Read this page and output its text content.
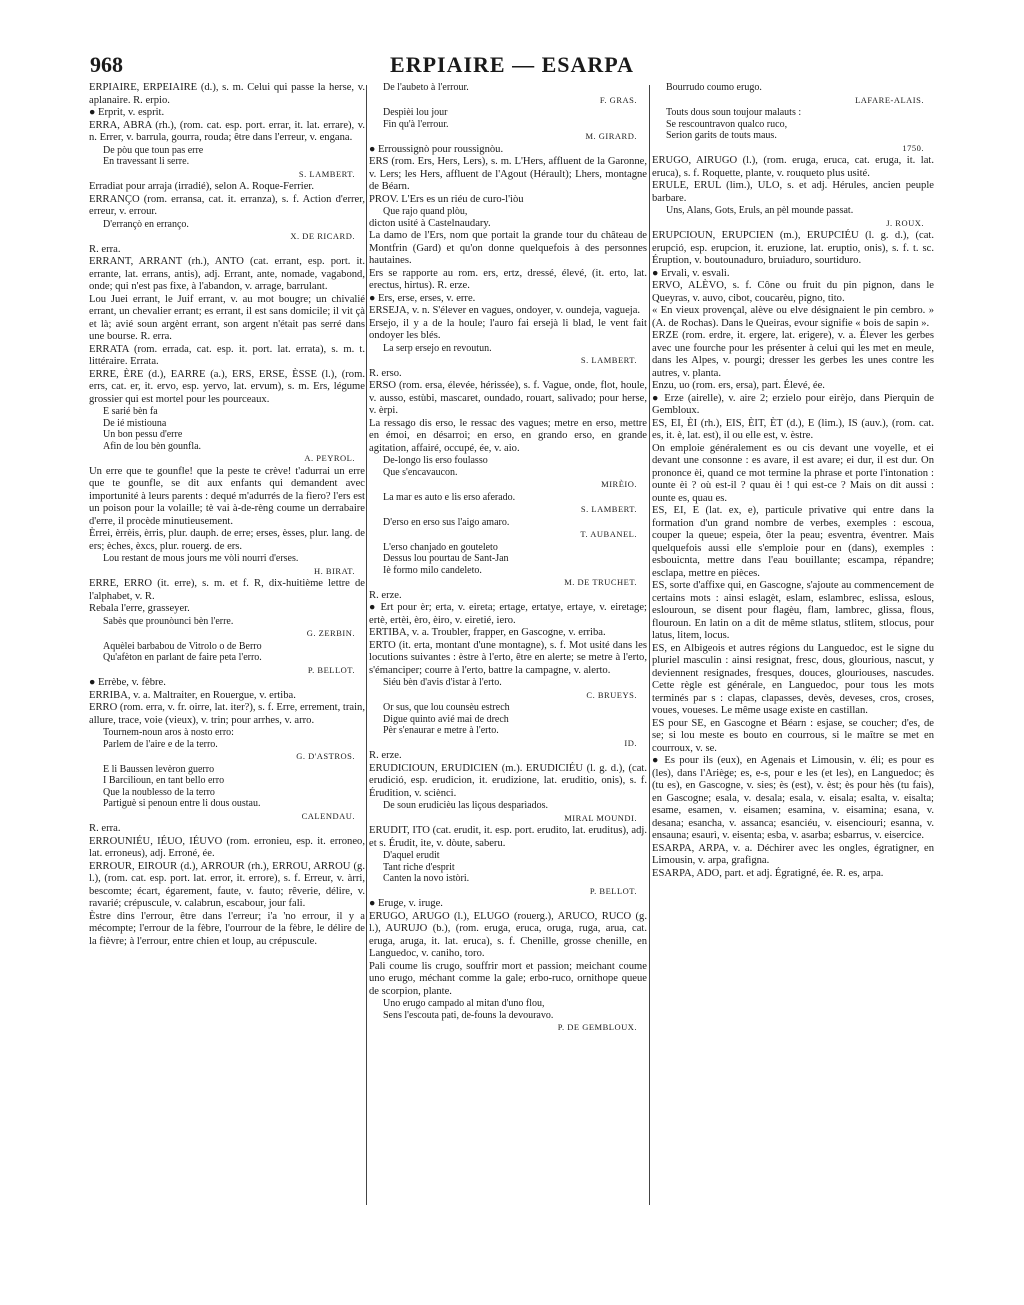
968	ERPIAIRE — ESARPA

ERPIAIRE, ERPEIAIRE (d.), s. m. Celui qui passe la herse, v. aplanaire. R. erpio.

● Erprit, v. esprit.

ERRA, ABRA (rh.), (rom. cat. esp. port. errar, it. lat. errare), v. n. Errer, v. barrula, gourra, rouda; être dans l'erreur, v. engana.

De pòu que toun pas erre

En travessant li serre.

S. LAMBERT.

Erradiat pour arraja (irradié), selon A. Roque-Ferrier.

ERRANÇO (rom. erransa, cat. it. erranza), s. f. Action d'errer, erreur, v. errour.

D'errançò en erranço.

X. DE RICARD.

R. erra.

ERRANT, ARRANT (rh.), ANTO (cat. errant, esp. port. it. errante, lat. errans, antis), adj. Errant, ante, nomade, vagabond, onde; qui n'est pas fixe, à l'abandon, v. arrage, barrulant.

Lou Juei errant, le Juif errant, v. au mot bougre; un chivalié errant, un chevalier errant; es errant, il est sans domicile; il vit çà et là; avié soun argènt errant, son argent n'était pas serré dans une bourse. R. erra.

ERRATA (rom. errada, cat. esp. it. port. lat. errata), s. m. t. littéraire. Errata.

ERRE, ÈRE (d.), EARRE (a.), ERS, ERSE, ÈSSE (l.), (rom. errs, cat. er, it. ervo, esp. yervo, lat. ervum), s. m. Ers, légume grossier qui est mortel pour les pourceaux.

E sarié bèn fa

De ié mistiouna

Un bon pessu d'erre

Afin de lou bèn gounfla.

A. PEYROL.

Un erre que te gounfle! que la peste te crève! t'adurrai un erre que te gounfle, se dit aux enfants qui demandent avec importunité à leurs parents : dequé m'adurrés de la fiero? l'ers est un poison pour la volaille; tè vai à-de-rèng coume un derrabaire d'erre, il procède minutieusement.

Èrrei, èrrèis, èrris, plur. dauph. de erre; erses, èsses, plur. lang. de ers; èches, èxcs, plur. rouerg. de ers.

Lou restant de mous jours me vòli nourri d'erses.

H. BIRAT.

ERRE, ERRO (it. erre), s. m. et f. R, dix-huitième lettre de l'alphabet, v. R.

Rebala l'erre, grasseyer.

Sabès que prounòunci bèn l'erre.

G. ZERBIN.

Aquèlei barbabou de Vitrolo o de Berro

Qu'afèton en parlant de faire peta l'erro.

P. BELLOT.

● Errèbe, v. fèbre.

ERRIBA, v. a. Maltraiter, en Rouergue, v. ertiba.

ERRO (rom. erra, v. fr. oirre, lat. iter?), s. f. Erre, errement, train, allure, trace, voie (vieux), v. trin; pour arrhes, v. arro.

Tournem-noun aros à nosto erro:

Parlem de l'aire e de la terro.

G. D'ASTROS.

E li Baussen levèron guerro

I Barcilioun, en tant bello erro

Que la noublesso de la terro

Partiguè si penoun entre li dous oustau.

CALENDAU.

R. erra.

ERROUNIÉU, IÉUO, IÉUVO (rom. erronieu, esp. it. erroneo, lat. erroneus), adj. Erroné, ée.

ERROUR, EIROUR (d.), ARROUR (rh.), ERROU, ARROU (g. l.), (rom. cat. esp. port. lat. error, it. errore), s. f. Erreur, v. àrri, bescomte; écart, égarement, faute, v. fauto; rêverie, délire, v. ravarié; crépuscule, v. calabrun, escabour, jour fali.

Èstre dins l'errour, être dans l'erreur; i'a 'no errour, il y a mécompte; l'errour de la fèbre, l'ourrour de la fèbre, le délire de la fièvre; à l'errour, entre chien et loup, au crépuscule.

De l'aubeto à l'errour.

F. GRAS.

Despièi lou jour

Fin qu'à l'errour.

M. GIRARD.

● Erroussignò pour roussignòu.

ERS (rom. Ers, Hers, Lers), s. m. L'Hers, affluent de la Garonne, v. Lers; les Hers, affluent de l'Agout (Hérault); Lhers, montagne de Béarn.

PROV. L'Ers es un riéu de curo-l'iòu

Que rajo quand plòu,

dicton usité à Castelnaudary.

La damo de l'Ers, nom que portait la grande tour du château de Montfrin (Gard) et qu'on donne quelquefois à des personnes hautaines.

Ers se rapporte au rom. ers, ertz, dressé, élevé, (it. erto, lat. erectus, hirtus). R. erze.

● Ers, erse, erses, v. erre.

ERSEJA, v. n. S'élever en vagues, ondoyer, v. oundeja, vagueja.

Ersejo, il y a de la houle; l'auro fai ersejà li blad, le vent fait ondoyer les blés.

La serp ersejo en revoutun.

S. LAMBERT.

R. erso.

ERSO (rom. ersa, élevée, hérissée), s. f. Vague, onde, flot, houle, v. ausso, estùbi, mascaret, oundado, rouart, salivado; pour herse, v. èrpi.

La ressago dis erso, le ressac des vagues; metre en erso, mettre en émoi, en désarroi; en erso, en grando erso, en grande agitation, affairé, occupé, ée, v. aio.

De-longo lis erso foulasso

Que s'encavaucon.

MIRÈIO.

La mar es auto e lis erso aferado.

S. LAMBERT.

D'erso en erso sus l'aigo amaro.

T. AUBANEL.

L'erso chanjado en gouteleto

Dessus lou pourtau de Sant-Jan

Iè formo milo candeleto.

M. DE TRUCHET.

R. erze.

● Ert pour èr; erta, v. eireta; ertage, ertatye, ertaye, v. eiretage; ertè, ertèi, èro, èiro, v. eiretié, iero.

ERTIBA, v. a. Troubler, frapper, en Gascogne, v. erriba.

ERTO (it. erta, montant d'une montagne), s. f. Mot usité dans les locutions suivantes : èstre à l'erto, être en alerte; se metre à l'erto, s'émanciper; courre à l'erto, battre la campagne, v. alerto.

Siéu bèn d'avis d'istar à l'erto.

C. BRUEYS.

Or sus, que lou counsèu estrech

Digue quinto avié mai de drech

Pèr s'enaurar e metre à l'erto.

ID.

R. erze.

ERUDICIOUN, ERUDICIEN (m.). ERUDICIÉU (l. g. d.), (cat. erudició, esp. erudicion, it. erudizione, lat. eruditio, onis), s. f. Érudition, v. sciènci.

De soun erudicièu las liçous desparìados.

MIRAL MOUNDI.

ERUDIT, ITO (cat. erudit, it. esp. port. erudito, lat. eruditus), adj. et s. Érudit, ite, v. dòute, saberu.

D'aquel erudit

Tant riche d'esprit

Canten la novo istòri.

P. BELLOT.

● Eruge, v. iruge.

ERUGO, ARUGO (l.), ELUGO (rouerg.), ARUCO, RUCO (g. l.), AURUJO (b.), (rom. eruga, eruca, oruga, ruga, arua, cat. eruga, aruga, it. lat. eruca), s. f. Chenille, grosse chenille, en Languedoc, v. caniho, toro.

Pali coume lis crugo, souffrir mort et passion; meichant coume uno erugo, méchant comme la gale; erbo-ruco, ornithope queue de scorpion, plante.

Uno erugo campado al mitan d'uno flou,

Sens l'escouta pati, de-founs la devouravo.

P. DE GEMBLOUX.

Bourrudo coumo erugo.

LAFARE-ALAIS.

Touts dous soun toujour malauts :

Se rescountravon qualco ruco,

Serion garits de touts maus.

1750.

ERUGO, AIRUGO (l.), (rom. eruga, eruca, cat. eruga, it. lat. eruca), s. f. Roquette, plante, v. rouqueto plus usité.

ERULE, ERUL (lim.), ULO, s. et adj. Hérules, ancien peuple barbare.

Uns, Alans, Gots, Eruls, an pèl mounde passat.

J. ROUX.

ERUPCIOUN, ERUPCIEN (m.), ERUPCIÉU (l. g. d.), (cat. erupció, esp. erupcion, it. eruzione, lat. eruptio, onis), s. f. t. sc. Éruption, v. boutounaduro, bruiaduro, sourtiduro.

● Ervali, v. esvali.

ERVO, ALÈVO, s. f. Cône ou fruit du pin pignon, dans le Queyras, v. auvo, cibot, coucarèu, pigno, tito.

« En vieux provençal, alève ou elve désignaient le pin cembro. » (A. de Rochas). Dans le Queiras, evour signifie « bois de sapin ».

ERZE (rom. erdre, it. ergere, lat. erigere), v. a. Élever les gerbes avec une fourche pour les présenter à celui qui les met en meule, dans les Alpes, v. pourgi; dresser les gerbes les unes contre les autres, v. planta.

Enzu, uo (rom. ers, ersa), part. Élevé, ée.

● Erze (airelle), v. aire 2; erzielo pour eirèjo, dans Pierquin de Gembloux.

ES, EI, ÈI (rh.), EIS, ÈIT, ÈT (d.), E (lim.), IS (auv.), (rom. cat. es, it. è, lat. est), il ou elle est, v. èstre.

On emploie généralement es ou cis devant une voyelle, et ei devant une consonne : es avare, il est avare; ei dur, il est dur. On prononce èi, quand ce mot termine la phrase et porte l'intonation : ounte èi ? où est-il ? quau èi ! qui est-ce ? Mais on dit aussi : ounte es, quau es.

ES, EI, E (lat. ex, e), particule privative qui entre dans la formation d'un grand nombre de verbes, exemples : escoua, couper la queue; espeia, ôter la peau; esventra, éventrer. Mais quelquefois aussi elle s'emploie pour en (dans), exemples : esbouicnta, mettre dans l'eau bouillante; escampa, répandre; esclapa, mettre en pièces.

ES, sorte d'affixe qui, en Gascogne, s'ajoute au commencement de certains mots : ainsi eslagèt, eslam, eslambrec, eslissa, eslous, eslouroun, se disent pour flagèu, flam, lambrec, glissa, flous, flouroun. En latin on a dit de même stlatus, stlitem, stlocus, pour latus, litem, locus.

ES, en Albigeois et autres régions du Languedoc, est le signe du pluriel masculin : ainsi resignat, fresc, dous, glourious, nascut, y deviennent resignades, fresques, douces, glouriouses, nascudes. Cette règle est générale, en Languedoc, pour tous les mots terminés par s : clapas, clapasses, devès, deveses, cros, croses, voues, voueses. Le même usage existe en castillan.

ES pour SE, en Gascogne et Béarn : esjase, se coucher; d'es, de se; si lou meste es bouto en courrous, si le maître se met en courroux, v. se.

● Es pour ils (eux), en Agenais et Limousin, v. éli; es pour es (les), dans l'Ariège; es, e-s, pour e les (et les), en Languedoc; ès (tu es), en Gascogne, v. sies; ès (est), v. èst; ès pour hès (tu fais), en Gascogne; esala, v. desala; esala, v. eisala; esalta, v. eisalta; esame, esamen, v. eisamen; esamina, v. eisamina; esana, v. desana; esancha, v. assanca; esanciéu, v. eisenciouri; esanna, v. ensauna; esaurì, v. eisenta; esba, v. asarba; esbarrus, v. eisercice.

ESARPA, ARPA, v. a. Déchirer avec les ongles, égratigner, en Limousin, v. arpa, grafigna.

ESARPA, ADO, part. et adj. Égratigné, ée. R. es, arpa.
